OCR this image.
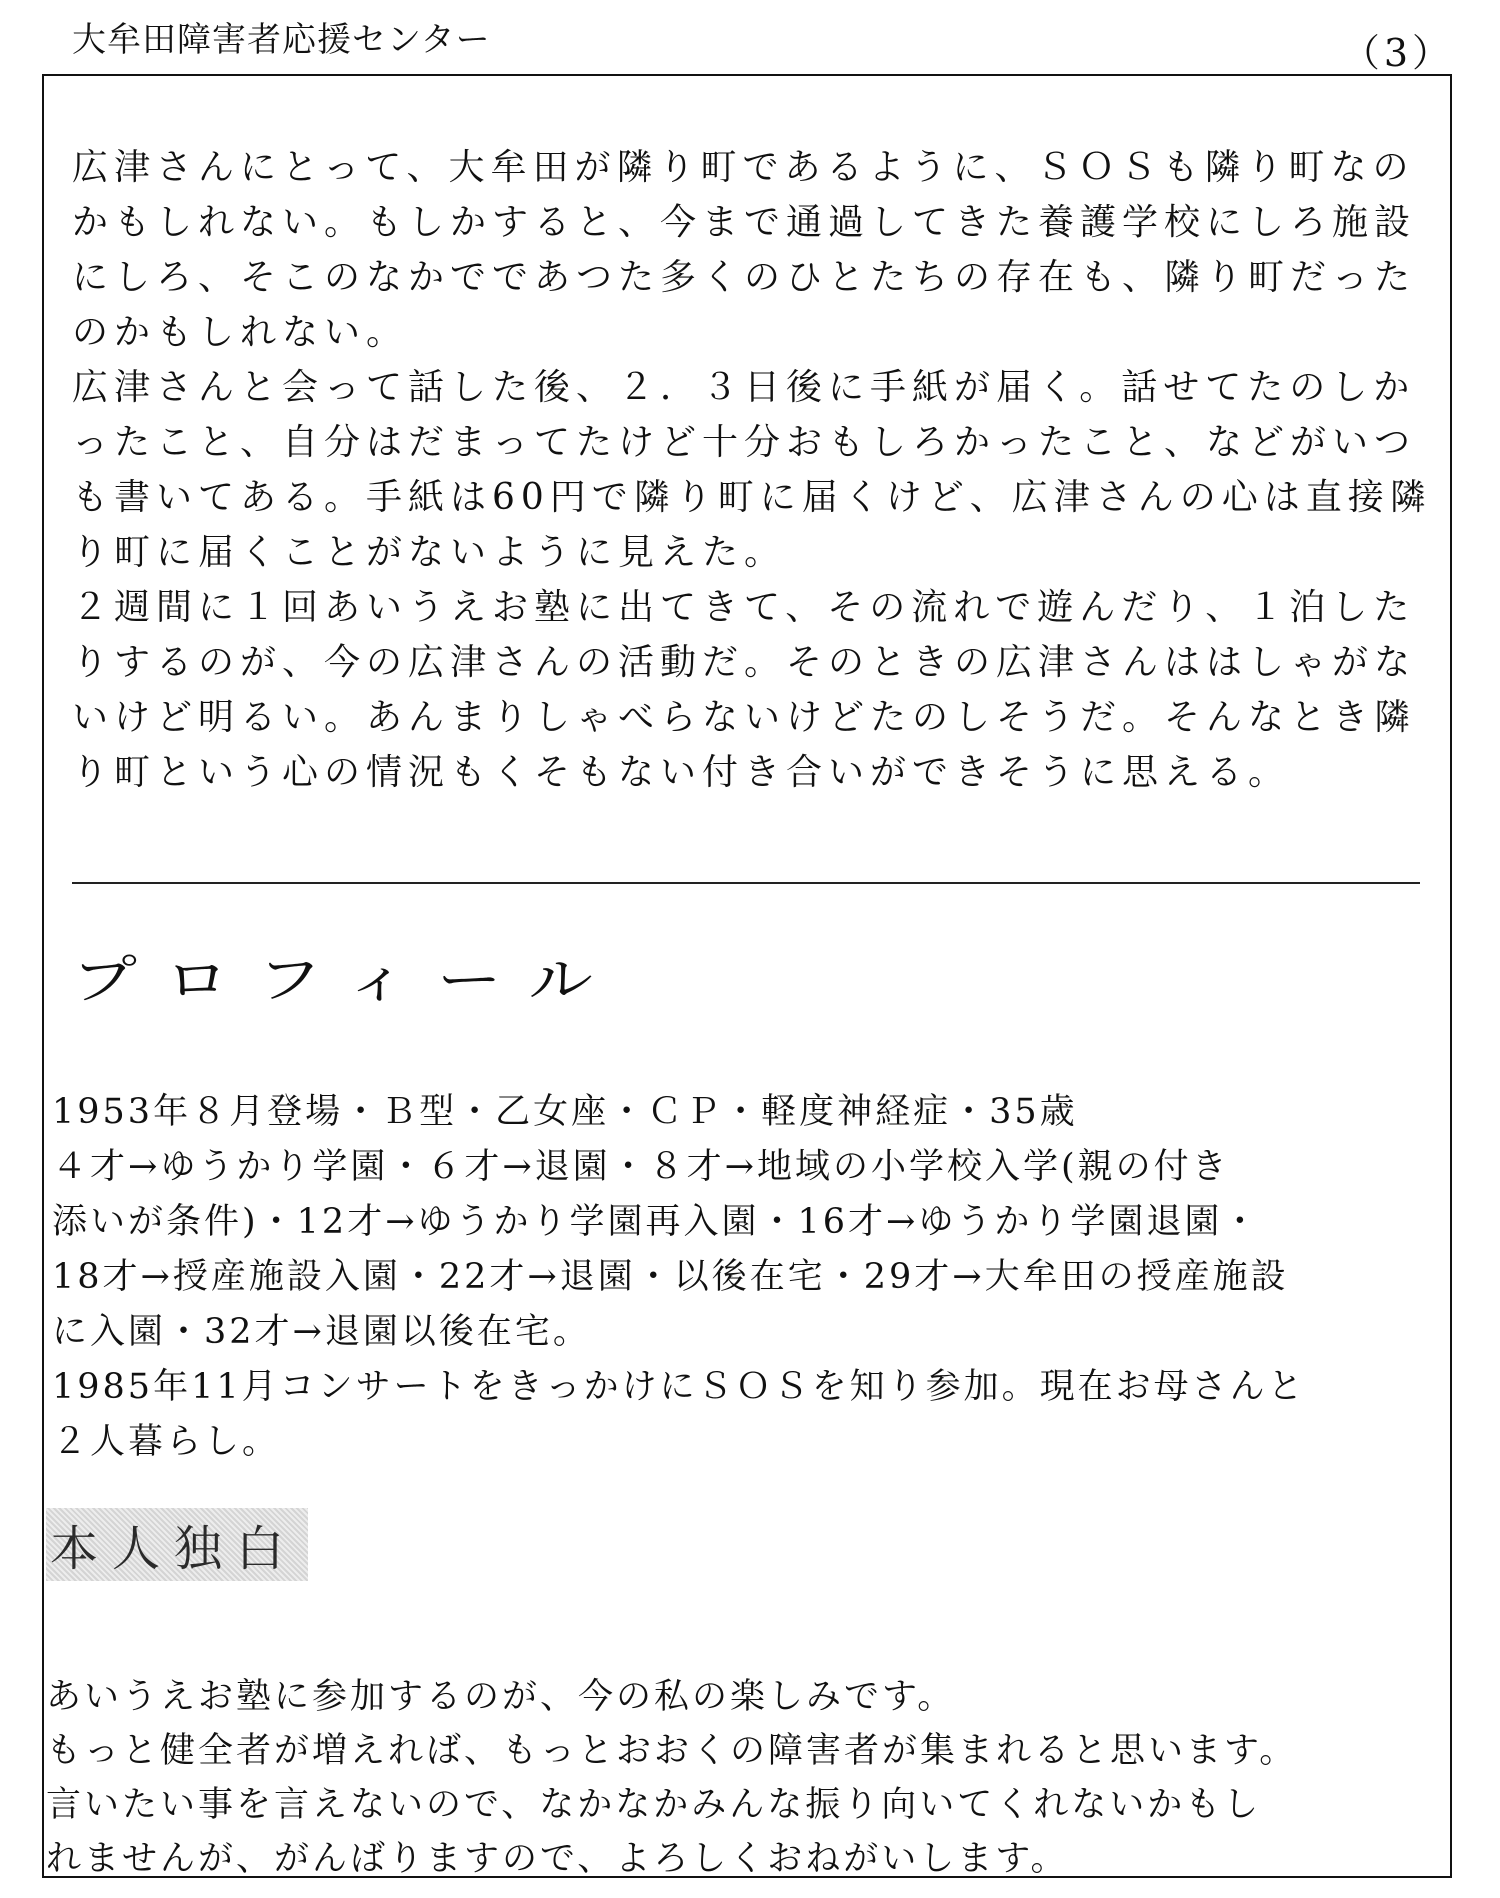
大牟田障害者応援センター	（3）
広津さんにとって、大牟田が隣り町であるように、ＳＯＳも隣り町なの
かもしれない。もしかすると、今まで通過してきた養護学校にしろ施設
にしろ、そこのなかでであつた多くのひとたちの存在も、隣り町だった
のかもしれない。
広津さんと会って話した後、２．３日後に手紙が届く。話せてたのしか
ったこと、自分はだまってたけど十分おもしろかったこと、などがいつ
も書いてある。手紙は60円で隣り町に届くけど、広津さんの心は直接隣
り町に届くことがないように見えた。
２週間に１回あいうえお塾に出てきて、その流れで遊んだり、１泊した
りするのが、今の広津さんの活動だ。そのときの広津さんははしゃがな
いけど明るい。あんまりしゃべらないけどたのしそうだ。そんなとき隣
り町という心の情況もくそもない付き合いができそうに思える。
プロフィール
1953年８月登場・Ｂ型・乙女座・ＣＰ・軽度神経症・35歳
４才→ゆうかり学園・６才→退園・８才→地域の小学校入学(親の付き
添いが条件)・12才→ゆうかり学園再入園・16才→ゆうかり学園退園・
18才→授産施設入園・22才→退園・以後在宅・29才→大牟田の授産施設
に入園・32才→退園以後在宅。
1985年11月コンサートをきっかけにＳＯＳを知り参加。現在お母さんと
２人暮らし。
本人独白
あいうえお塾に参加するのが、今の私の楽しみです。
もっと健全者が増えれば、もっとおおくの障害者が集まれると思います。
言いたい事を言えないので、なかなかみんな振り向いてくれないかもし
れませんが、がんばりますので、よろしくおねがいします。
